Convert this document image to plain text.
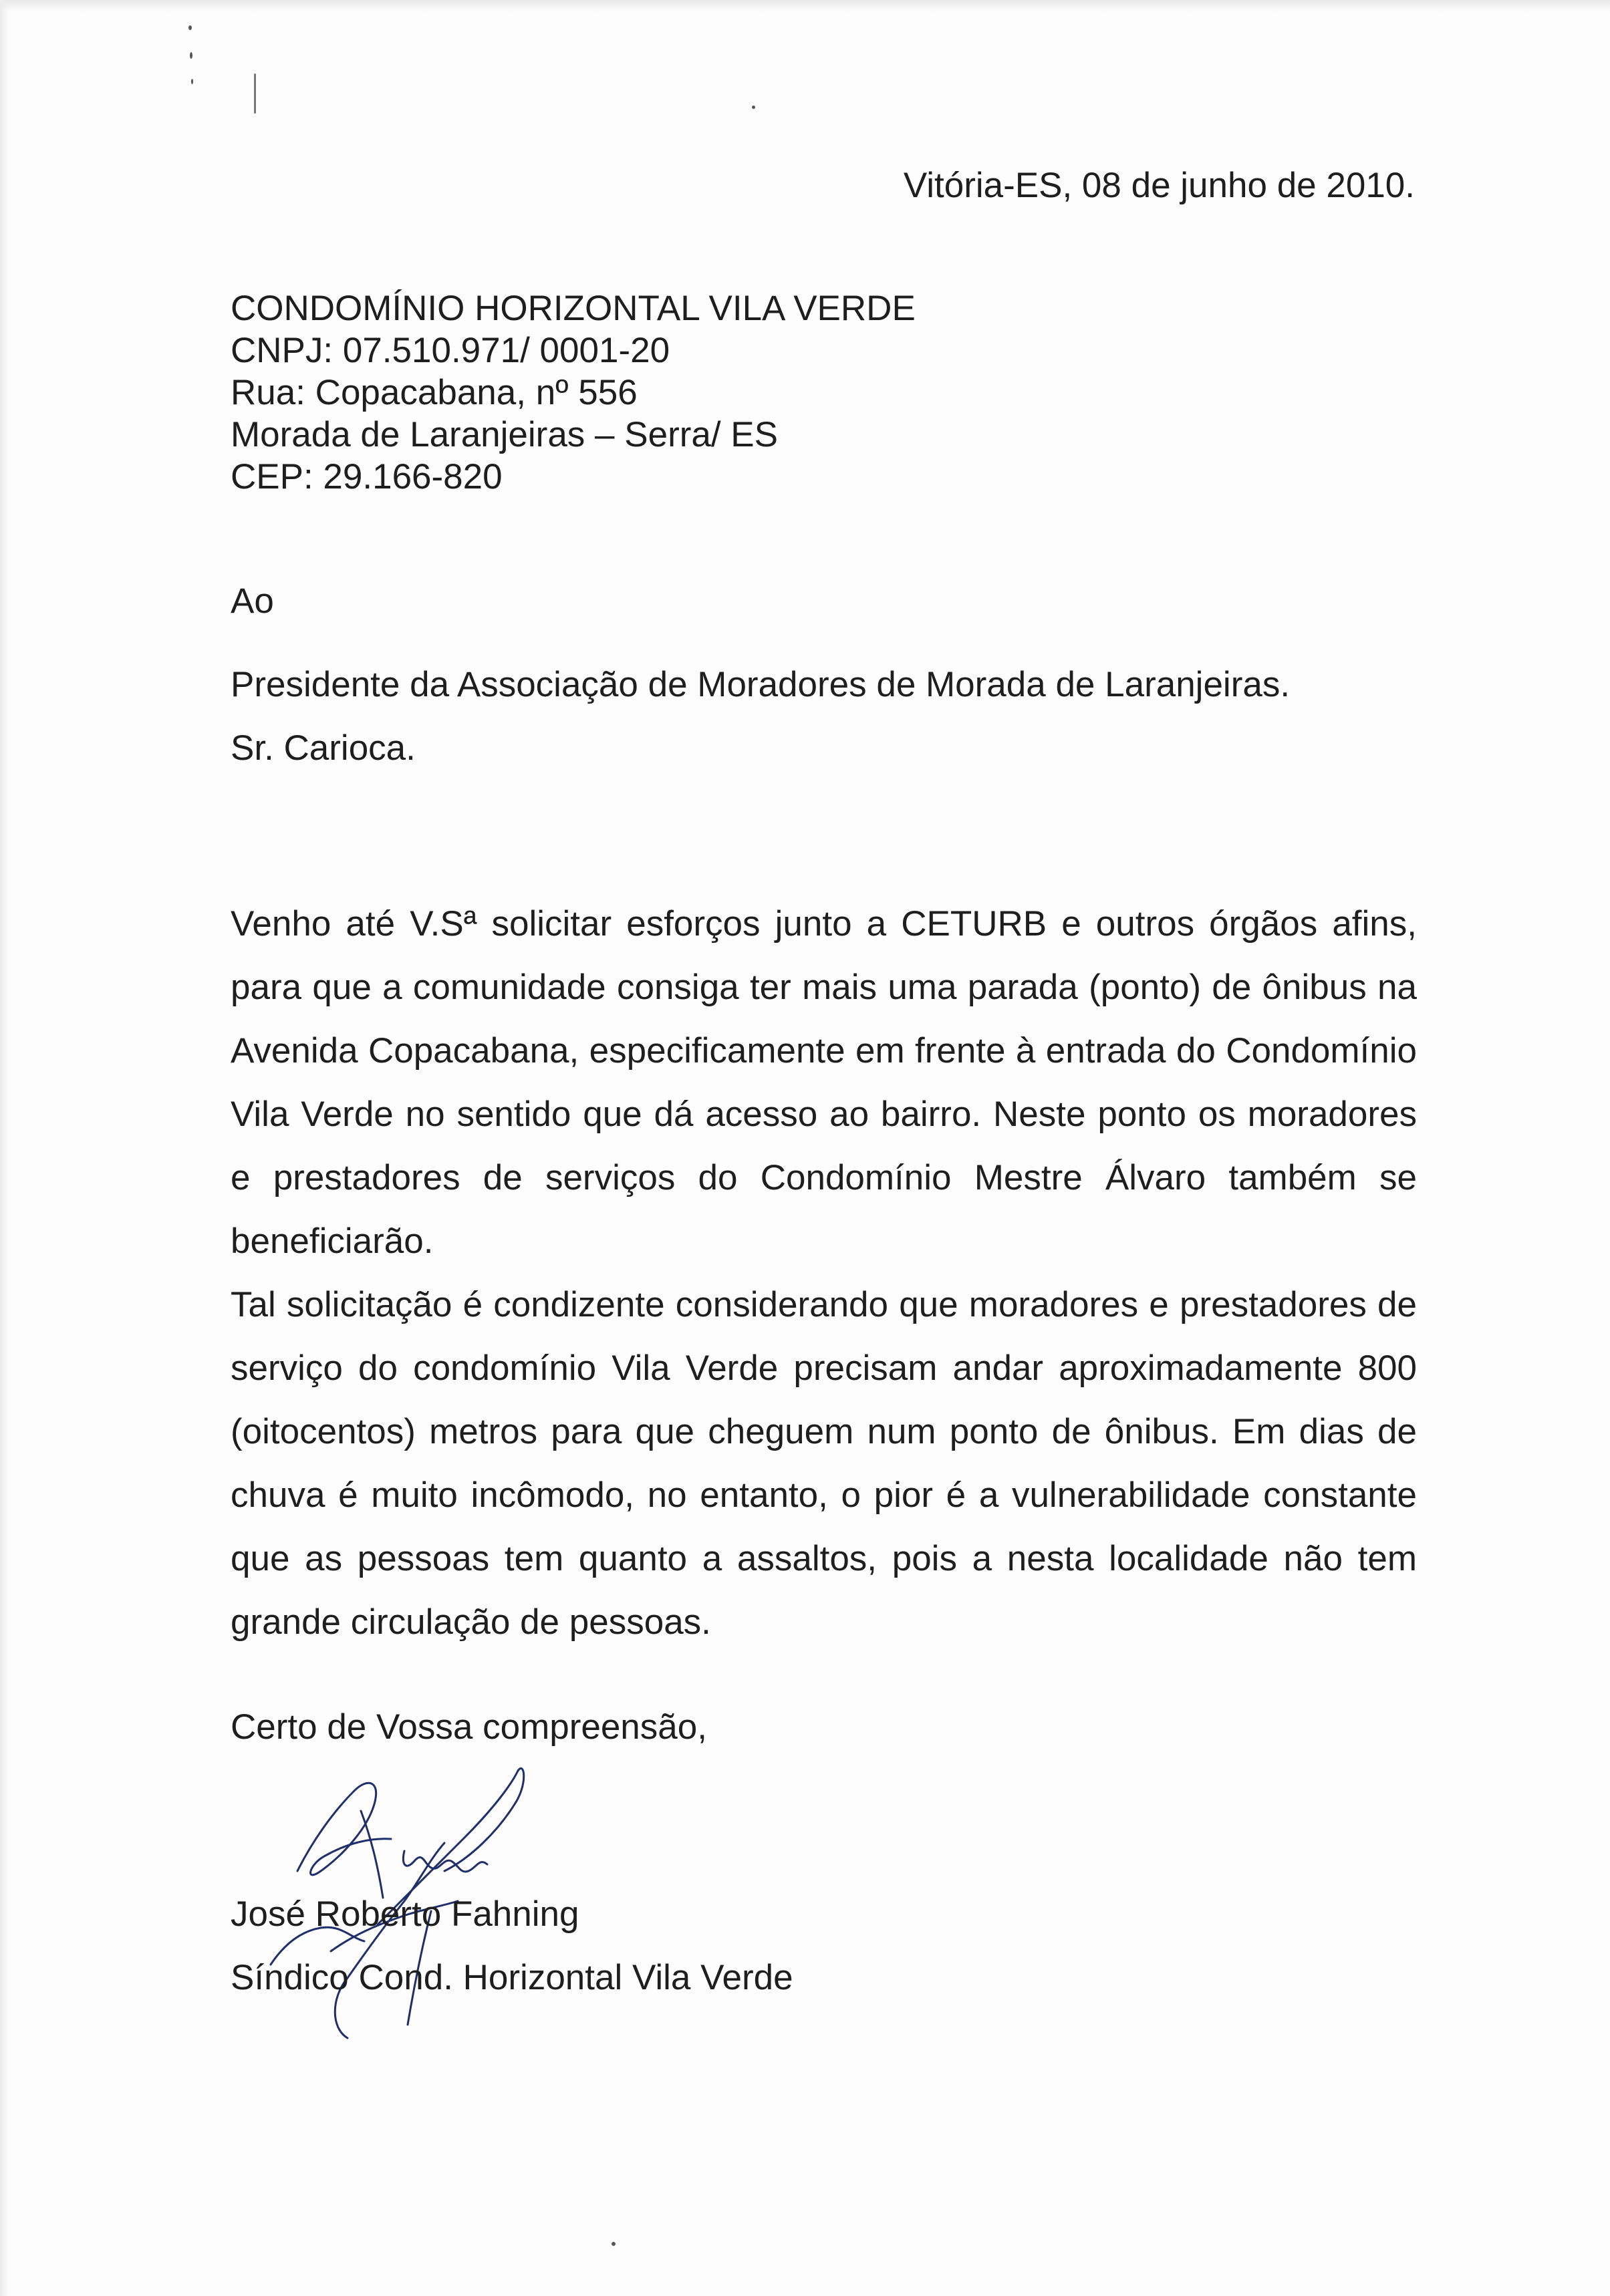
Vitória-ES, 08 de junho de 2010.
CONDOMÍNIO HORIZONTAL VILA VERDE
CNPJ: 07.510.971/ 0001-20
Rua: Copacabana, nº 556
Morada de Laranjeiras – Serra/ ES
CEP: 29.166-820
Ao
Presidente da Associação de Moradores de Morada de Laranjeiras.
Sr. Carioca.

Venho até V.Sª solicitar esforços junto a CETURB e outros órgãos afins, para que a comunidade consiga ter mais uma parada (ponto) de ônibus na Avenida Copacabana, especificamente em frente à entrada do Condomínio Vila Verde no sentido que dá acesso ao bairro. Neste ponto os moradores e prestadores de serviços do Condomínio Mestre Álvaro também se beneficiarão.

Tal solicitação é condizente considerando que moradores e prestadores de serviço do condomínio Vila Verde precisam andar aproximadamente 800 (oitocentos) metros para que cheguem num ponto de ônibus. Em dias de chuva é muito incômodo, no entanto, o pior é a vulnerabilidade constante que as pessoas tem quanto a assaltos, pois a nesta localidade não tem grande circulação de pessoas.

Certo de Vossa compreensão,
José Roberto Fahning
Síndico Cond. Horizontal Vila Verde
